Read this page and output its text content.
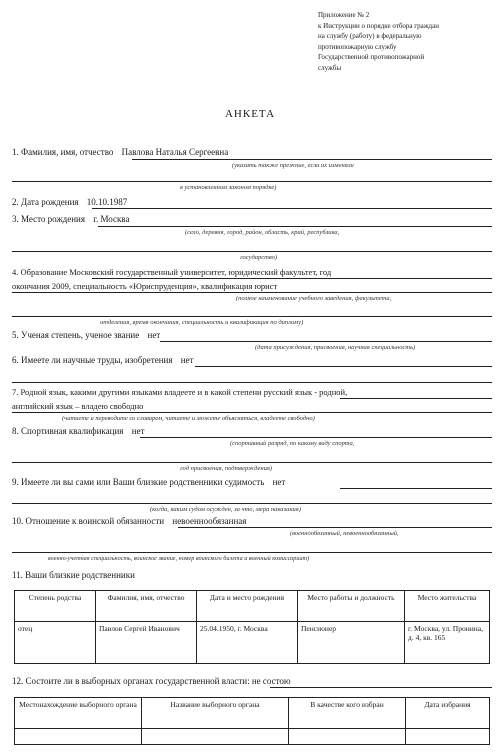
Приложение № 2
к Инструкции о порядке отбора граждан
на службу (работу) в федеральную
противопожарную службу
Государственной противопожарной
службы
АНКЕТА
1. Фамилия, имя, отчество Павлова Наталья Сергеевна
(указать также прежние, если их изменяли
в установленном законом порядке)
2. Дата рождения 10.10.1987
3. Место рождения г. Москва
(село, деревня, город, район, область, край, республика,
государство)
4. Образование Московский государственный университет, юридический факультет, год
окончания 2009, специальность «Юриспруденция», квалификация юрист
(полное наименование учебного заведения, факультета,
отделения, время окончания, специальность и квалификация по диплому)
5. Ученая степень, ученое звание нет
(дата присуждения, присвоения, научная специальность)
6. Имеете ли научные труды, изобретения нет
7. Родной язык, какими другими языками владеете и в какой степени русский язык - родной,
английский язык – владею свободно
(читаете и переводите со словарем, читаете и можете объясняться, владеете свободно)
8. Спортивная квалификация нет
(спортивный разряд, по какому виду спорта,
год присвоения, подтверждения)
9. Имеете ли вы сами или Ваши близкие родственники судимость нет
(когда, каким судом осужден, за что, мера наказания)
10. Отношение к воинской обязанности невоеннообязанная
(военнообязанный, невоеннообязанный,
военно-учетная специальность, воинское звание, номер воинского билета и военный комиссариат)
11. Ваши близкие родственники
Степень родства	Фамилия, имя, отчество	Дата и место рождения	Место работы и должность	Место жительства
отец	Павлов Сергей Иванович	25.04.1950, г. Москва	Пенсионер	г. Москва, ул. Пронина, д. 4, кв. 165
12. Состоите ли в выборных органах государственной власти: не состою
Местонахождение выборного органа	Название выборного органа	В качестве кого избран	Дата избрания
